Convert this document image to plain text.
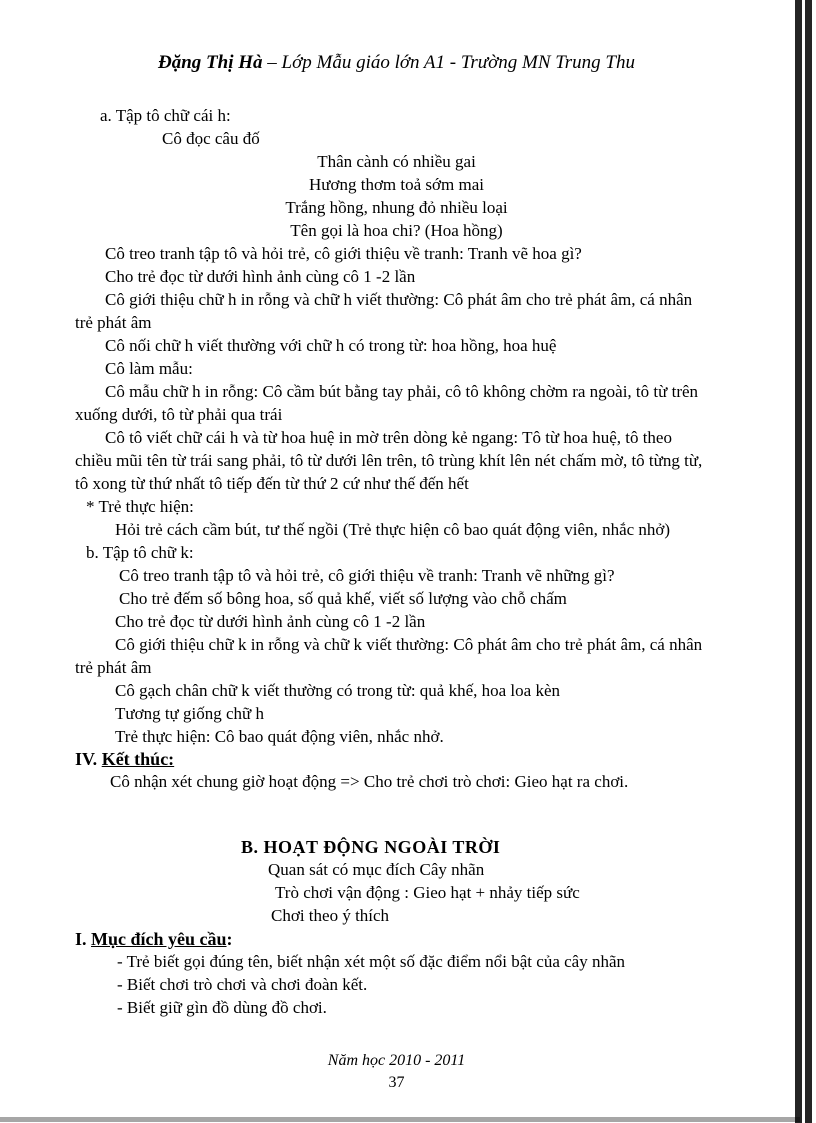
Đặng Thị Hà – Lớp Mẫu giáo lớn A1 - Trường MN Trung Thu
a. Tập tô chữ cái h:
Cô đọc câu đố
Thân cành có nhiều gai
Hương thơm toả sớm mai
Trắng hồng, nhung đỏ nhiều loại
Tên gọi là hoa chi? (Hoa hồng)
Cô treo tranh tập tô và hỏi trẻ, cô giới thiệu về tranh: Tranh vẽ hoa gì?
Cho trẻ đọc từ dưới hình ảnh cùng cô 1 -2 lần
Cô giới thiệu chữ h in rỗng và chữ h viết thường: Cô phát âm cho trẻ phát âm, cá nhân
trẻ phát âm
Cô nối chữ h viết thường với chữ h có trong từ: hoa hồng, hoa huệ
Cô làm mẫu:
Cô mẫu chữ h in rỗng: Cô cầm bút bằng tay phải, cô tô không chờm ra ngoài, tô từ trên
xuống dưới, tô từ phải qua trái
Cô tô viết chữ cái h và từ hoa huệ in mờ trên dòng kẻ ngang: Tô từ hoa huệ, tô theo
chiều mũi tên từ trái sang phải, tô từ dưới lên trên, tô trùng khít lên nét chấm mờ, tô từng từ,
tô xong từ thứ nhất tô tiếp đến từ thứ 2 cứ như thế đến hết
* Trẻ thực hiện:
Hỏi trẻ cách cầm bút, tư thế ngồi (Trẻ thực hiện cô bao quát động viên, nhắc nhở)
b. Tập tô chữ k:
Cô treo tranh tập tô và hỏi trẻ, cô giới thiệu về tranh: Tranh vẽ những gì?
Cho trẻ đếm số bông hoa, số quả khế, viết số lượng vào chỗ chấm
Cho trẻ đọc từ dưới hình ảnh cùng cô 1 -2 lần
Cô giới thiệu chữ k in rỗng và chữ k viết thường: Cô phát âm cho trẻ phát âm, cá nhân
trẻ phát âm
Cô gạch chân chữ k viết thường có trong từ: quả khế, hoa loa kèn
Tương tự giống chữ h
Trẻ thực hiện: Cô bao quát động viên, nhắc nhở.
IV. Kết thúc:
Cô nhận xét chung giờ hoạt động => Cho trẻ chơi trò chơi: Gieo hạt ra chơi.
B. HOẠT ĐỘNG NGOÀI TRỜI
Quan sát có mục đích Cây nhãn
Trò chơi vận động : Gieo hạt + nhảy tiếp sức
Chơi theo ý thích
I. Mục đích yêu cầu:
- Trẻ biết gọi đúng tên, biết nhận xét một số đặc điểm nổi bật của cây nhãn
- Biết chơi trò chơi và chơi đoàn kết.
- Biết giữ gìn đồ dùng đồ chơi.
Năm học 2010 - 2011
37
